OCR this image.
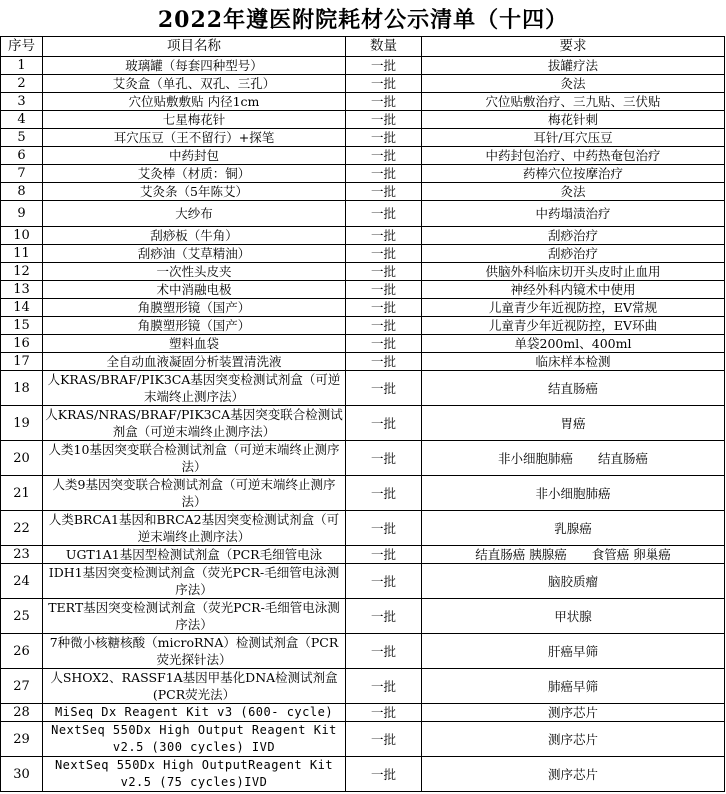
2022年遵医附院耗材公示清单（十四）
序号	项目名称	数量	要求
1	玻璃罐（每套四种型号）	一批	拔罐疗法
2	艾灸盒（单孔、双孔、三孔）	一批	灸法
3	穴位贴敷敷贴 内径1cm	一批	穴位贴敷治疗、三九贴、三伏贴
4	七星梅花针	一批	梅花针刺
5	耳穴压豆（王不留行）+探笔	一批	耳针/耳穴压豆
6	中药封包	一批	中药封包治疗、中药热奄包治疗
7	艾灸棒（材质：铜）	一批	药棒穴位按摩治疗
8	艾灸条（5年陈艾）	一批	灸法
9	大纱布	一批	中药塌渍治疗
10	刮痧板（牛角）	一批	刮痧治疗
11	刮痧油（艾草精油）	一批	刮痧治疗
12	一次性头皮夹	一批	供脑外科临床切开头皮时止血用
13	术中消融电极	一批	神经外科内镜术中使用
14	角膜塑形镜（国产）	一批	儿童青少年近视防控，EV常规
15	角膜塑形镜（国产）	一批	儿童青少年近视防控，EV环曲
16	塑料血袋	一批	单袋200ml、400ml
17	全自动血液凝固分析装置清洗液	一批	临床样本检测
18	人KRAS/BRAF/PIK3CA基因突变检测试剂盒（可逆末端终止测序法）	一批	结直肠癌
19	人KRAS/NRAS/BRAF/PIK3CA基因突变联合检测试剂盒（可逆末端终止测序法）	一批	胃癌
20	人类10基因突变联合检测试剂盒（可逆末端终止测序法）	一批	非小细胞肺癌　　结直肠癌
21	人类9基因突变联合检测试剂盒（可逆末端终止测序法）	一批	非小细胞肺癌
22	人类BRCA1基因和BRCA2基因突变检测试剂盒（可逆末端终止测序法）	一批	乳腺癌
23	UGT1A1基因型检测试剂盒（PCR毛细管电泳	一批	结直肠癌 胰腺癌　　食管癌 卵巢癌
24	IDH1基因突变检测试剂盒（荧光PCR-毛细管电泳测序法）	一批	脑胶质瘤
25	TERT基因突变检测试剂盒（荧光PCR-毛细管电泳测序法）	一批	甲状腺
26	7种微小核糖核酸（microRNA）检测试剂盒（PCR荧光探针法）	一批	肝癌早筛
27	人SHOX2、RASSF1A基因甲基化DNA检测试剂盒(PCR荧光法）	一批	肺癌早筛
28	MiSeq Dx Reagent Kit v3 (600- cycle)	一批	测序芯片
29	NextSeq 550Dx High Output Reagent Kit v2.5 (300 cycles) IVD	一批	测序芯片
30	NextSeq 550Dx High OutputReagent Kit v2.5 (75 cycles)IVD	一批	测序芯片
